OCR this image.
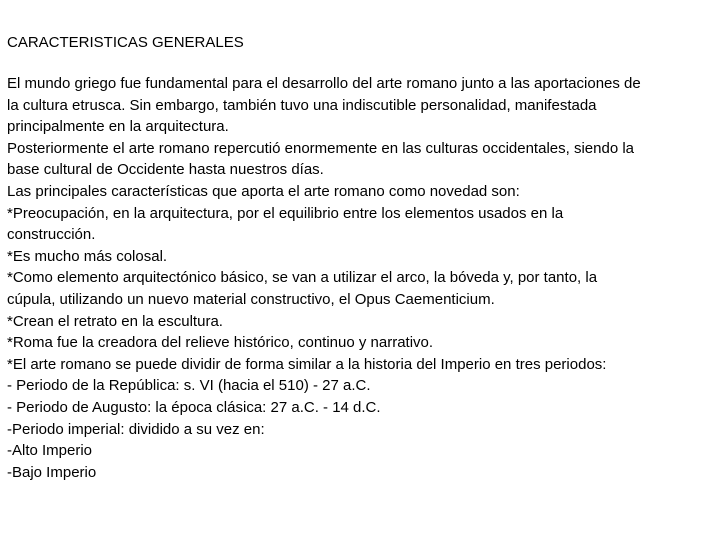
CARACTERISTICAS GENERALES
El mundo griego fue fundamental para el desarrollo del arte romano junto a las aportaciones de
la cultura etrusca. Sin embargo, también tuvo una indiscutible personalidad, manifestada
principalmente en la arquitectura.
Posteriormente el arte romano repercutió enormemente en las culturas occidentales, siendo la
base cultural de Occidente hasta nuestros días.
Las principales características que aporta el arte romano como novedad son:
*Preocupación, en la arquitectura, por el equilibrio entre los elementos usados en la
construcción.
*Es mucho más colosal.
*Como elemento arquitectónico básico, se van a utilizar el arco, la bóveda y, por tanto, la
cúpula, utilizando un nuevo material constructivo, el Opus Caementicium.
*Crean el retrato en la escultura.
*Roma fue la creadora del relieve histórico, continuo y narrativo.
*El arte romano se puede dividir de forma similar a la historia del Imperio en tres periodos:
- Periodo de la República: s. VI (hacia el 510) - 27 a.C.
- Periodo de Augusto: la época clásica: 27 a.C. - 14 d.C.
-Periodo imperial: dividido a su vez en:
-Alto Imperio
-Bajo Imperio
